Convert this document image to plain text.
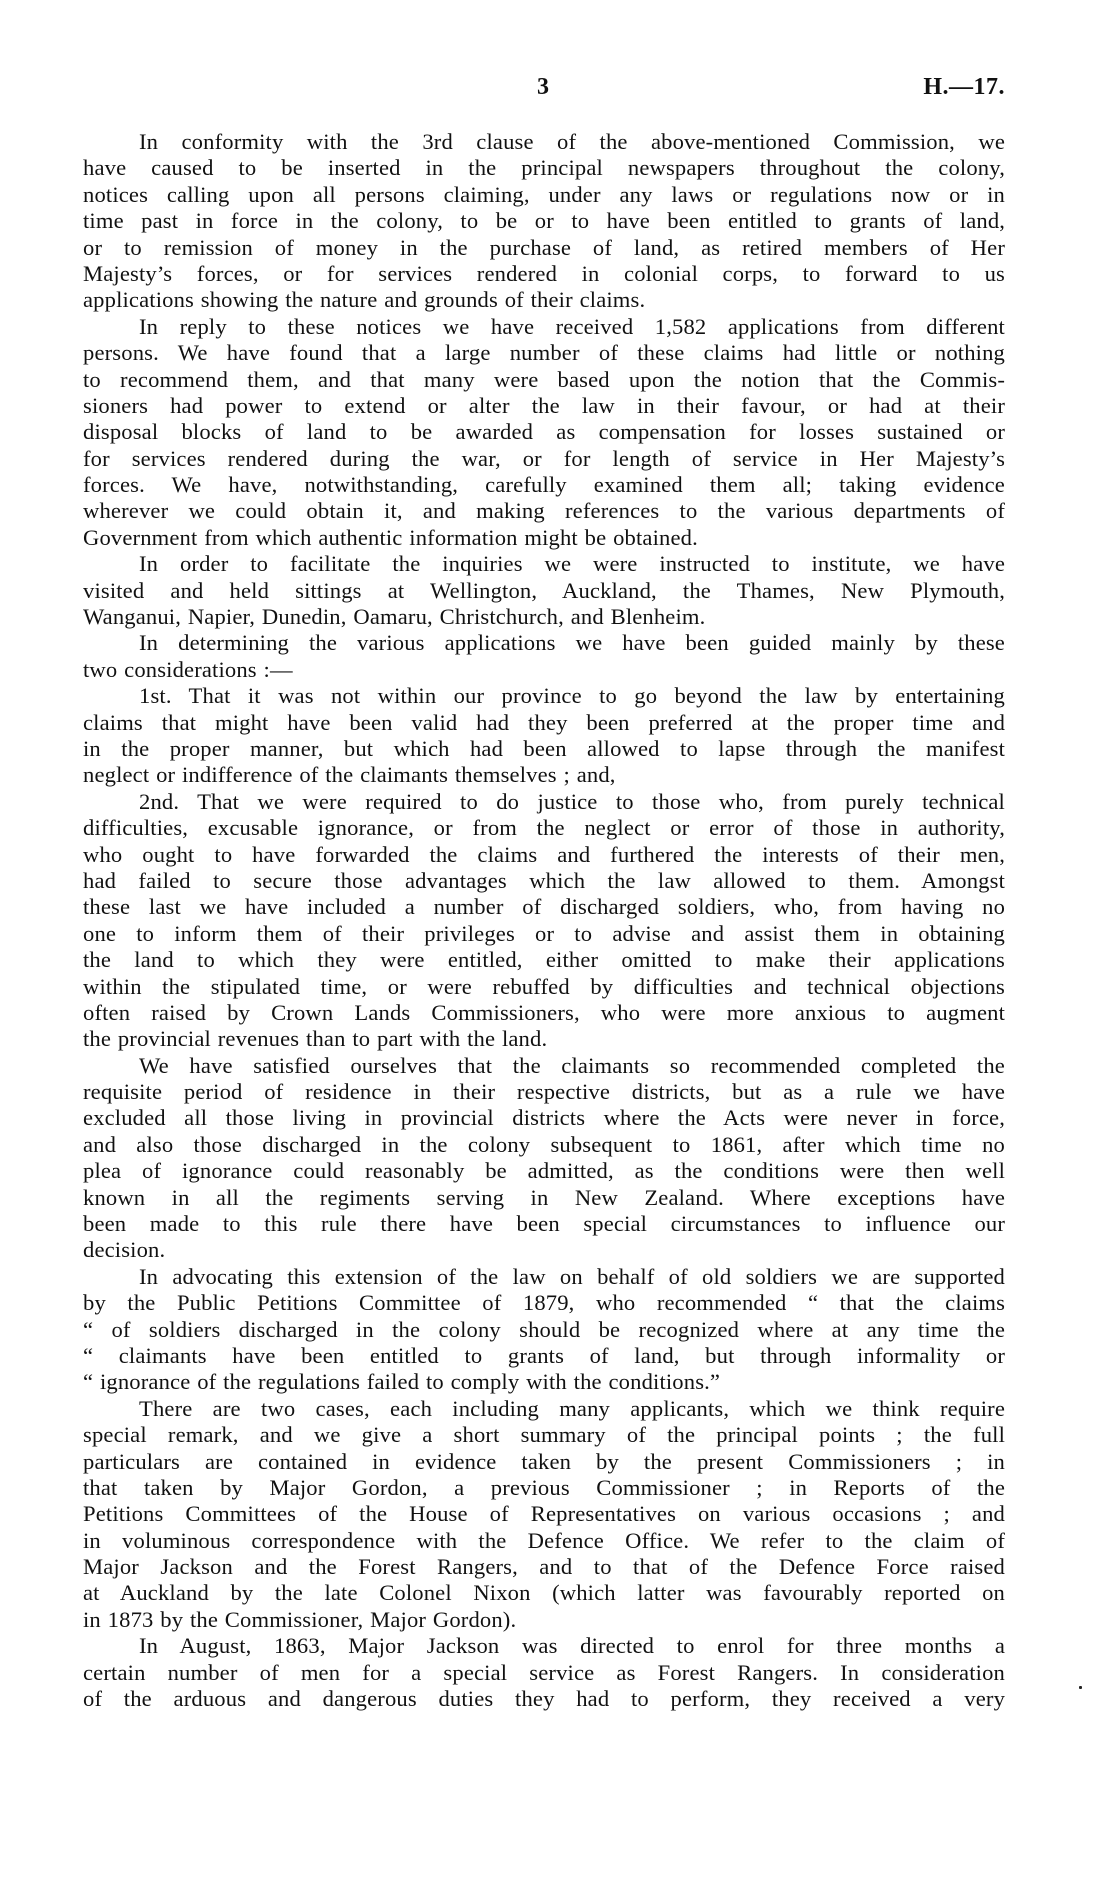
3	H.—17.
In conformity with the 3rd clause of the above-mentioned Commission, we
have caused to be inserted in the principal newspapers throughout the colony,
notices calling upon all persons claiming, under any laws or regulations now or in
time past in force in the colony, to be or to have been entitled to grants of land,
or to remission of money in the purchase of land, as retired members of Her
Majesty’s forces, or for services rendered in colonial corps, to forward to us
applications showing the nature and grounds of their claims.
In reply to these notices we have received 1,582 applications from different
persons. We have found that a large number of these claims had little or nothing
to recommend them, and that many were based upon the notion that the Commis-
sioners had power to extend or alter the law in their favour, or had at their
disposal blocks of land to be awarded as compensation for losses sustained or
for services rendered during the war, or for length of service in Her Majesty’s
forces. We have, notwithstanding, carefully examined them all; taking evidence
wherever we could obtain it, and making references to the various departments of
Government from which authentic information might be obtained.
In order to facilitate the inquiries we were instructed to institute, we have
visited and held sittings at Wellington, Auckland, the Thames, New Plymouth,
Wanganui, Napier, Dunedin, Oamaru, Christchurch, and Blenheim.
In determining the various applications we have been guided mainly by these
two considerations :—
1st. That it was not within our province to go beyond the law by entertaining
claims that might have been valid had they been preferred at the proper time and
in the proper manner, but which had been allowed to lapse through the manifest
neglect or indifference of the claimants themselves ; and,
2nd. That we were required to do justice to those who, from purely technical
difficulties, excusable ignorance, or from the neglect or error of those in authority,
who ought to have forwarded the claims and furthered the interests of their men,
had failed to secure those advantages which the law allowed to them. Amongst
these last we have included a number of discharged soldiers, who, from having no
one to inform them of their privileges or to advise and assist them in obtaining
the land to which they were entitled, either omitted to make their applications
within the stipulated time, or were rebuffed by difficulties and technical objections
often raised by Crown Lands Commissioners, who were more anxious to augment
the provincial revenues than to part with the land.
We have satisfied ourselves that the claimants so recommended completed the
requisite period of residence in their respective districts, but as a rule we have
excluded all those living in provincial districts where the Acts were never in force,
and also those discharged in the colony subsequent to 1861, after which time no
plea of ignorance could reasonably be admitted, as the conditions were then well
known in all the regiments serving in New Zealand. Where exceptions have
been made to this rule there have been special circumstances to influence our
decision.
In advocating this extension of the law on behalf of old soldiers we are supported
by the Public Petitions Committee of 1879, who recommended “ that the claims
“ of soldiers discharged in the colony should be recognized where at any time the
“ claimants have been entitled to grants of land, but through informality or
“ ignorance of the regulations failed to comply with the conditions.”
There are two cases, each including many applicants, which we think require
special remark, and we give a short summary of the principal points ; the full
particulars are contained in evidence taken by the present Commissioners ; in
that taken by Major Gordon, a previous Commissioner ; in Reports of the
Petitions Committees of the House of Representatives on various occasions ; and
in voluminous correspondence with the Defence Office. We refer to the claim of
Major Jackson and the Forest Rangers, and to that of the Defence Force raised
at Auckland by the late Colonel Nixon (which latter was favourably reported on
in 1873 by the Commissioner, Major Gordon).
In August, 1863, Major Jackson was directed to enrol for three months a
certain number of men for a special service as Forest Rangers. In consideration
of the arduous and dangerous duties they had to perform, they received a very
